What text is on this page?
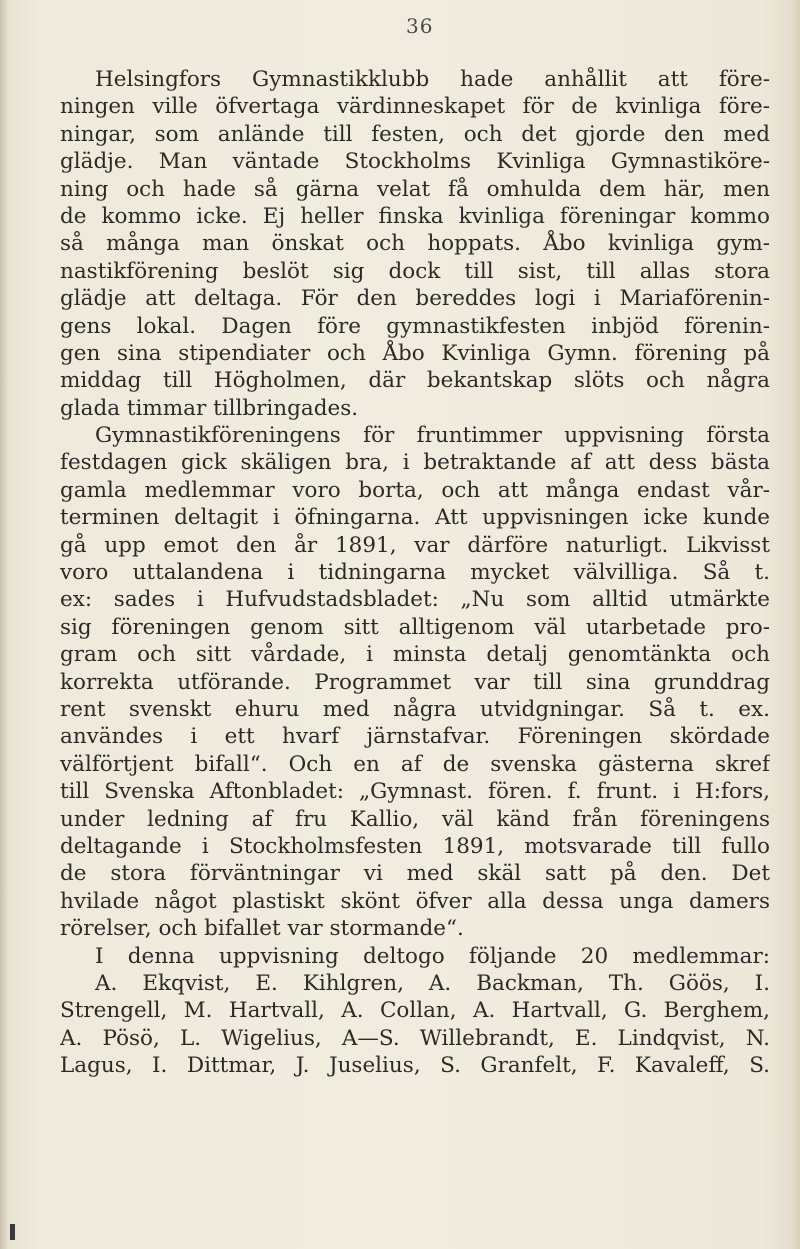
36
Helsingfors Gymnastikklubb hade anhållit att före-
ningen ville öfvertaga värdinneskapet för de kvinliga före-
ningar, som anlände till festen, och det gjorde den med
glädje. Man väntade Stockholms Kvinliga Gymnastiköre-
ning och hade så gärna velat få omhulda dem här, men
de kommo icke. Ej heller finska kvinliga föreningar kommo
så många man önskat och hoppats. Åbo kvinliga gym-
nastikförening beslöt sig dock till sist, till allas stora
glädje att deltaga. För den bereddes logi i Mariaförenin-
gens lokal. Dagen före gymnastikfesten inbjöd förenin-
gen sina stipendiater och Åbo Kvinliga Gymn. förening på
middag till Högholmen, där bekantskap slöts och några
glada timmar tillbringades.
Gymnastikföreningens för fruntimmer uppvisning första
festdagen gick skäligen bra, i betraktande af att dess bästa
gamla medlemmar voro borta, och att många endast vår-
terminen deltagit i öfningarna. Att uppvisningen icke kunde
gå upp emot den år 1891, var därföre naturligt. Likvisst
voro uttalandena i tidningarna mycket välvilliga. Så t.
ex: sades i Hufvudstadsbladet: „Nu som alltid utmärkte
sig föreningen genom sitt alltigenom väl utarbetade pro-
gram och sitt vårdade, i minsta detalj genomtänkta och
korrekta utförande. Programmet var till sina grunddrag
rent svenskt ehuru med några utvidgningar. Så t. ex.
användes i ett hvarf järnstafvar. Föreningen skördade
välförtjent bifall“. Och en af de svenska gästerna skref
till Svenska Aftonbladet: „Gymnast. fören. f. frunt. i H:fors,
under ledning af fru Kallio, väl känd från föreningens
deltagande i Stockholmsfesten 1891, motsvarade till fullo
de stora förväntningar vi med skäl satt på den. Det
hvilade något plastiskt skönt öfver alla dessa unga damers
rörelser, och bifallet var stormande“.
I denna uppvisning deltogo följande 20 medlemmar:
A. Ekqvist, E. Kihlgren, A. Backman, Th. Göös, I.
Strengell, M. Hartvall, A. Collan, A. Hartvall, G. Berghem,
A. Pösö, L. Wigelius, A—S. Willebrandt, E. Lindqvist, N.
Lagus, I. Dittmar, J. Juselius, S. Granfelt, F. Kavaleff, S.
